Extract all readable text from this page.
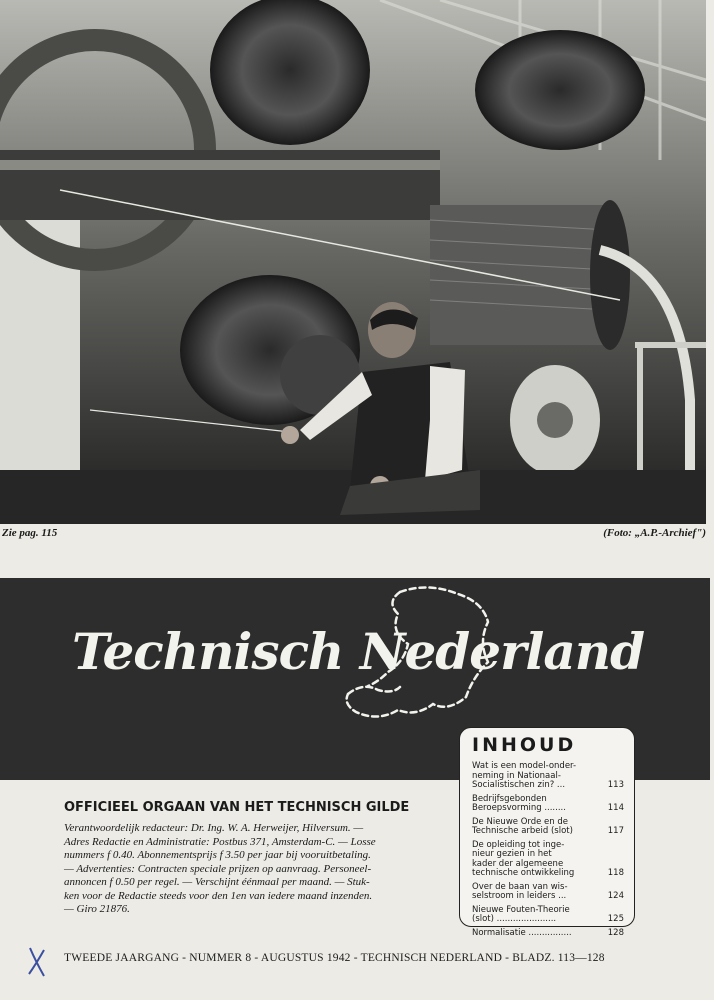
Zie pag. 115	(Foto: „A.P.-Archief")
Technisch Nederland
INHOUD
Wat is een model-onder-
neming in Nationaal-
Socialistischen zin? ...	113
Bedrijfsgebonden
Beroepsvorming ........	114
De Nieuwe Orde en de
Technische arbeid (slot)	117
De opleiding tot inge-
nieur gezien in het
kader der algemeene
technische ontwikkeling	118
Over de baan van wis-
selstroom in leiders ...	124
Nieuwe Fouten-Theorie
(slot) ......................	125
Normalisatie ................	128
OFFICIEEL ORGAAN VAN HET TECHNISCH GILDE
Verantwoordelijk redacteur: Dr. Ing. W. A. Herweijer, Hilversum. —
Adres Redactie en Administratie: Postbus 371, Amsterdam-C. — Losse
nummers f 0.40. Abonnementsprijs f 3.50 per jaar bij vooruitbetaling.
— Advertenties: Contracten speciale prijzen op aanvraag. Personeel-
annoncen f 0.50 per regel. — Verschijnt éénmaal per maand. — Stuk-
ken voor de Redactie steeds voor den 1en van iedere maand inzenden.
— Giro 21876.
TWEEDE JAARGANG - NUMMER 8 - AUGUSTUS 1942 - TECHNISCH NEDERLAND - BLADZ. 113—128
